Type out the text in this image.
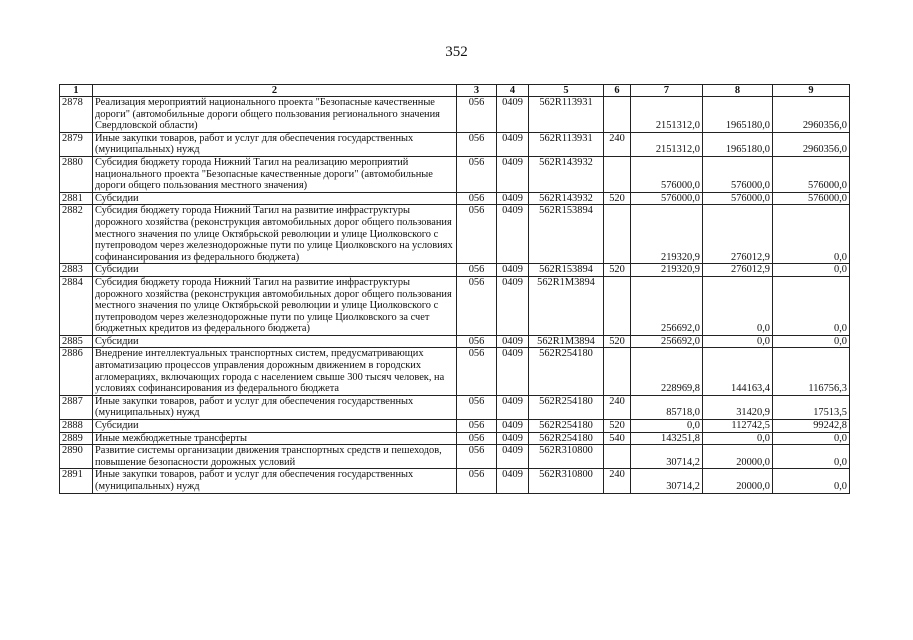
352
1	2	3	4	5	6	7	8	9
2878	Реализация мероприятий национального проекта "Безопасные качественные дороги" (автомобильные дороги общего пользования регионального значения Свердловской области)	056	0409	562R113931		2151312,0	1965180,0	2960356,0
2879	Иные закупки товаров, работ и услуг для обеспечения государственных (муниципальных) нужд	056	0409	562R113931	240	2151312,0	1965180,0	2960356,0
2880	Субсидия бюджету города Нижний Тагил на реализацию мероприятий национального проекта "Безопасные качественные дороги" (автомобильные дороги общего пользования местного значения)	056	0409	562R143932		576000,0	576000,0	576000,0
2881	Субсидии	056	0409	562R143932	520	576000,0	576000,0	576000,0
2882	Субсидия бюджету города Нижний Тагил на развитие инфраструктуры дорожного хозяйства (реконструкция автомобильных дорог общего пользования местного значения по улице Октябрьской революции и улице Циолковского с путепроводом через железнодорожные пути по улице Циолковского на условиях софинансирования из федерального бюджета)	056	0409	562R153894		219320,9	276012,9	0,0
2883	Субсидии	056	0409	562R153894	520	219320,9	276012,9	0,0
2884	Субсидия бюджету города Нижний Тагил на развитие инфраструктуры дорожного хозяйства (реконструкция автомобильных дорог общего пользования местного значения по улице Октябрьской революции и улице Циолковского с путепроводом через железнодорожные пути по улице Циолковского за счет бюджетных кредитов из федерального бюджета)	056	0409	562R1M3894		256692,0	0,0	0,0
2885	Субсидии	056	0409	562R1M3894	520	256692,0	0,0	0,0
2886	Внедрение интеллектуальных транспортных систем, предусматривающих автоматизацию процессов управления дорожным движением в городских агломерациях, включающих города с населением свыше 300 тысяч человек, на условиях софинансирования из федерального бюджета	056	0409	562R254180		228969,8	144163,4	116756,3
2887	Иные закупки товаров, работ и услуг для обеспечения государственных (муниципальных) нужд	056	0409	562R254180	240	85718,0	31420,9	17513,5
2888	Субсидии	056	0409	562R254180	520	0,0	112742,5	99242,8
2889	Иные межбюджетные трансферты	056	0409	562R254180	540	143251,8	0,0	0,0
2890	Развитие системы организации движения транспортных средств и пешеходов, повышение безопасности дорожных условий	056	0409	562R310800		30714,2	20000,0	0,0
2891	Иные закупки товаров, работ и услуг для обеспечения государственных (муниципальных) нужд	056	0409	562R310800	240	30714,2	20000,0	0,0
